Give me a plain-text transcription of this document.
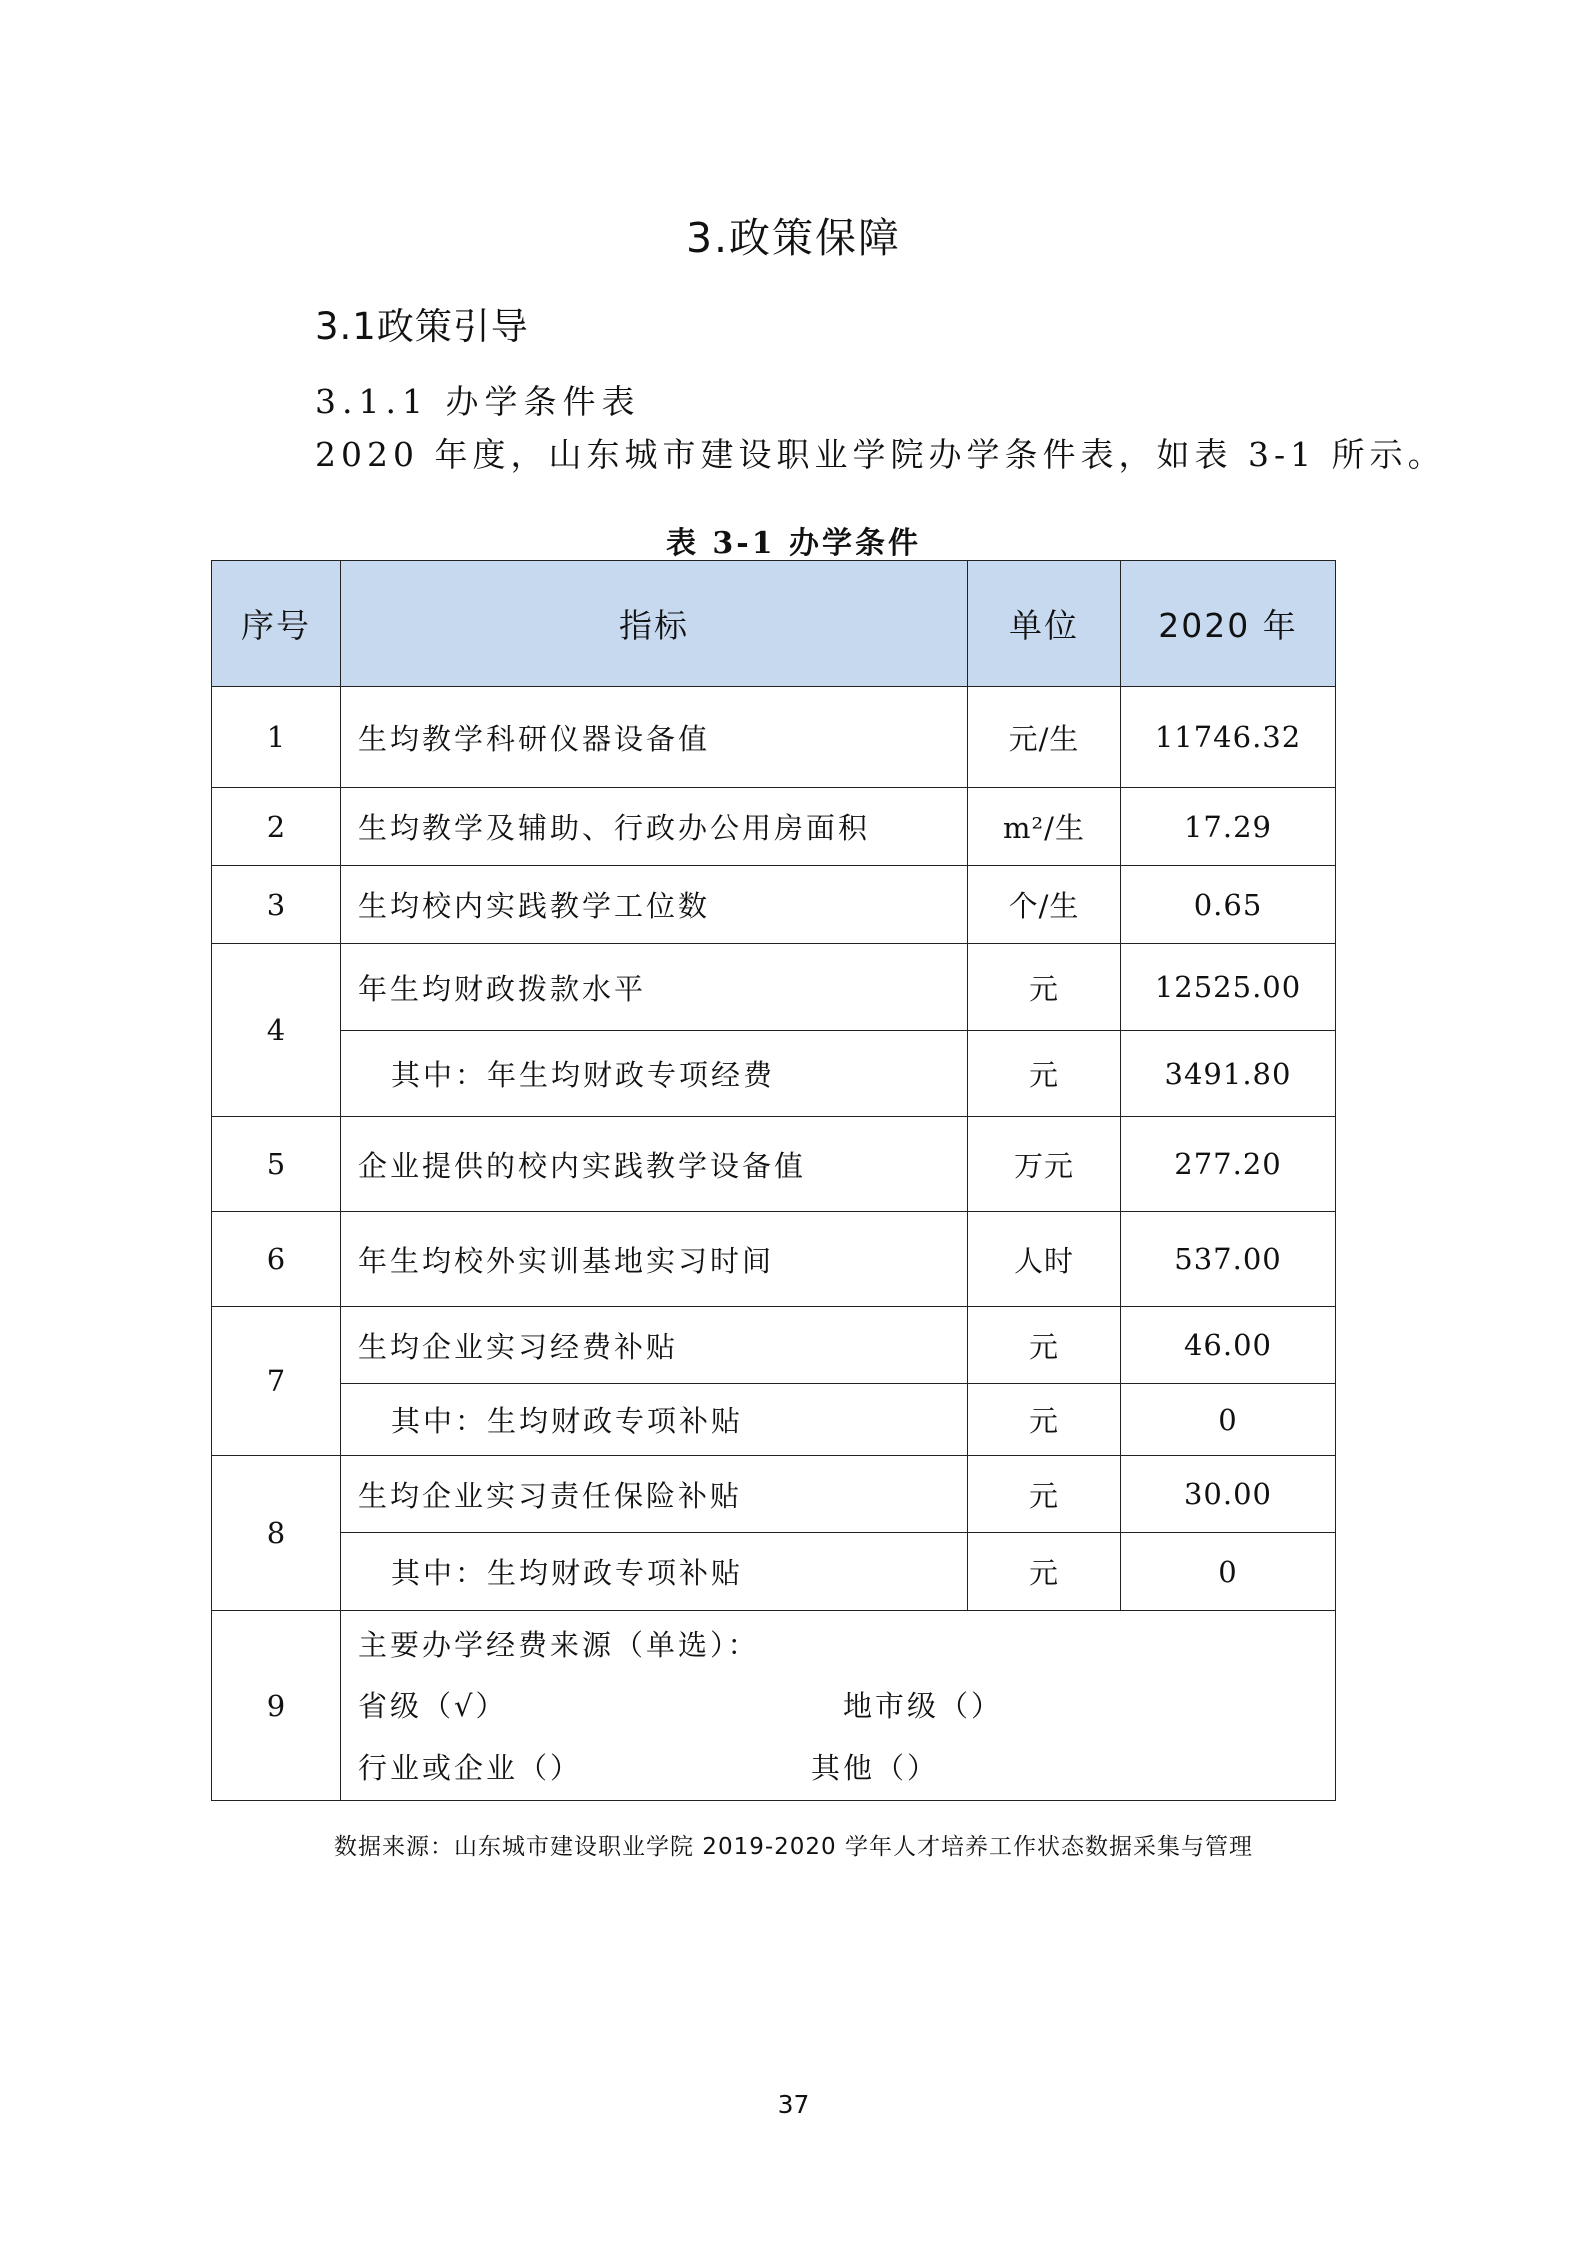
3.政策保障
3.1政策引导
3.1.1 办学条件表
2020 年度，山东城市建设职业学院办学条件表，如表 3-1 所示。
表 3-1 办学条件
序号	指标	单位	2020 年
1	生均教学科研仪器设备值	元/生	11746.32
2	生均教学及辅助、行政办公用房面积	m²/生	17.29
3	生均校内实践教学工位数	个/生	0.65
4	年生均财政拨款水平	元	12525.00
	其中：年生均财政专项经费	元	3491.80
5	企业提供的校内实践教学设备值	万元	277.20
6	年生均校外实训基地实习时间	人时	537.00
7	生均企业实习经费补贴	元	46.00
	其中：生均财政专项补贴	元	0
8	生均企业实习责任保险补贴	元	30.00
	其中：生均财政专项补贴	元	0
9	主要办学经费来源（单选）：
省级（√） 地市级（）
行业或企业（） 其他（）		
数据来源：山东城市建设职业学院 2019-2020 学年人才培养工作状态数据采集与管理
37
